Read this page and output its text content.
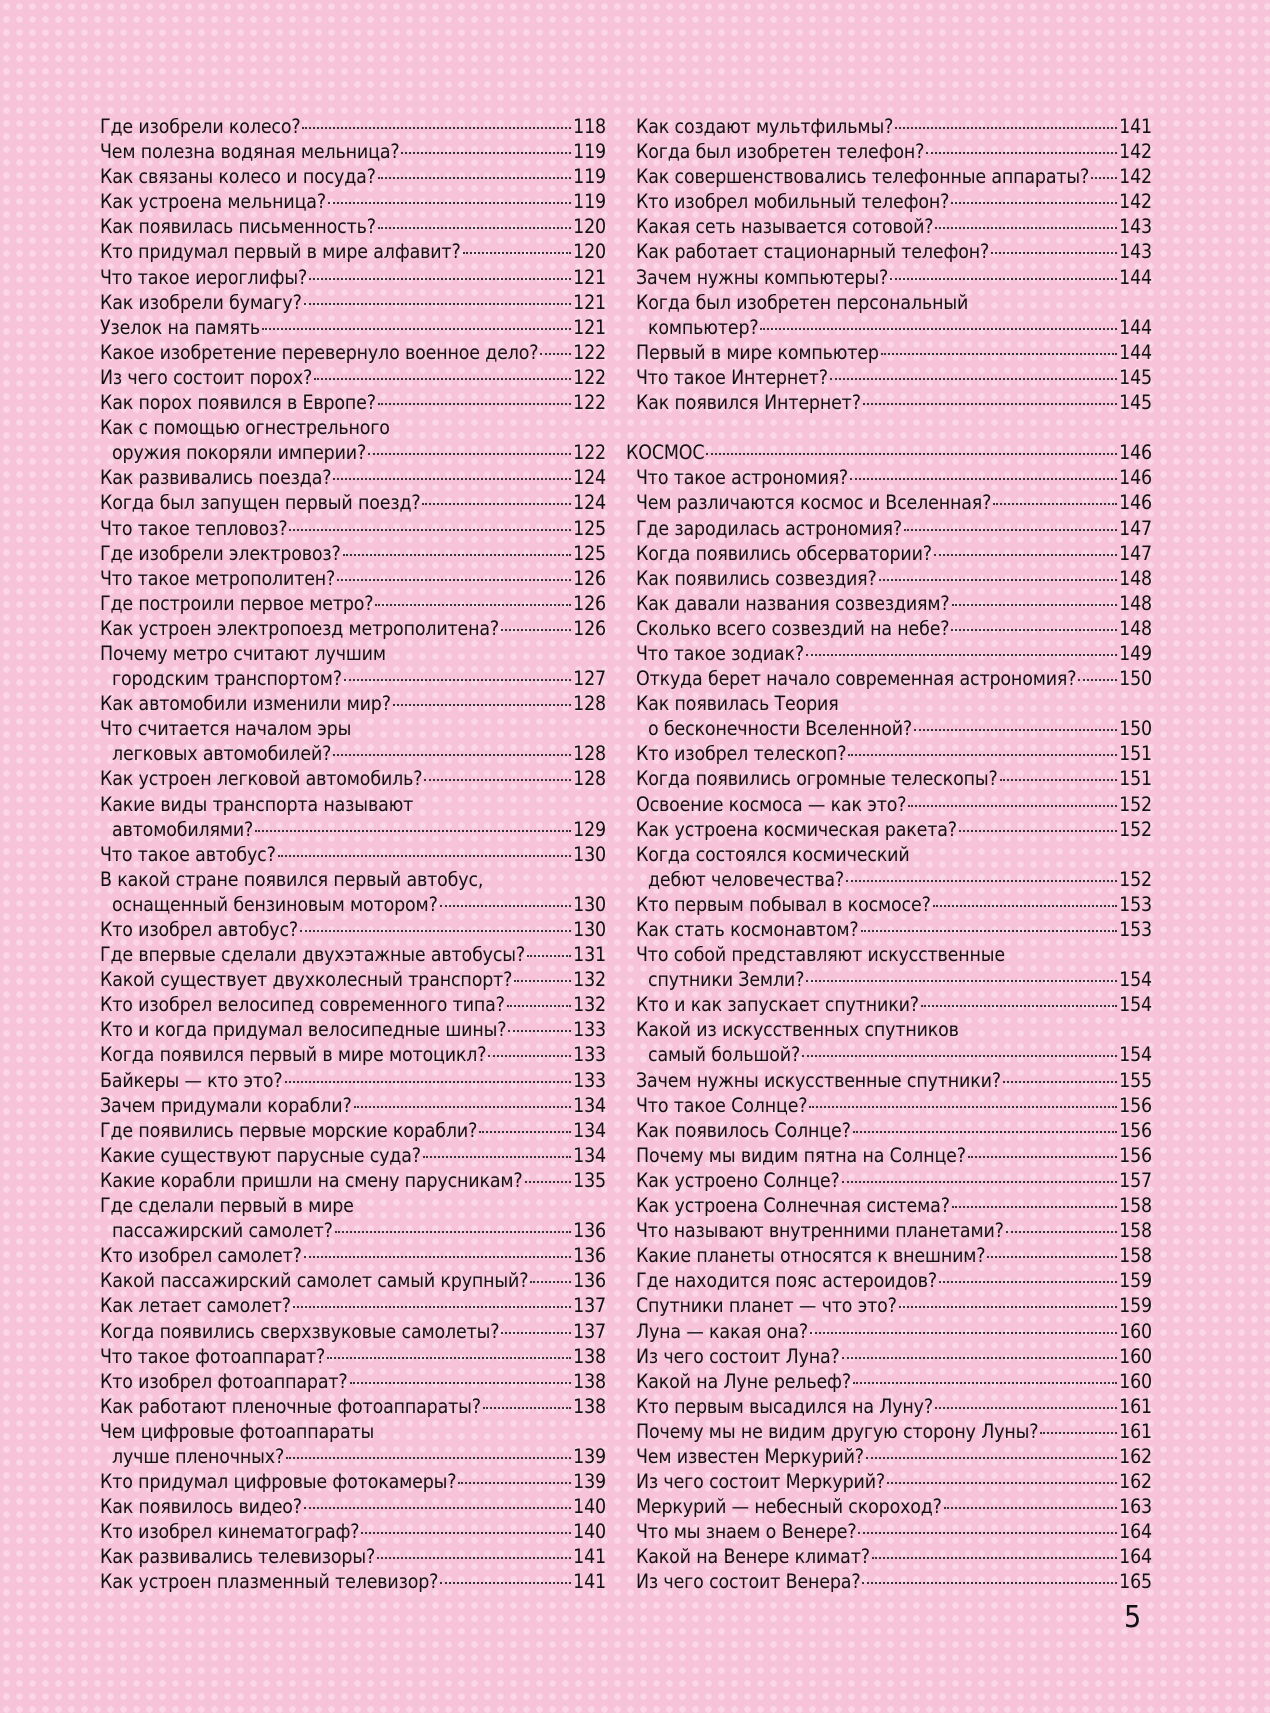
Где изобрели колесо?	118
Чем полезна водяная мельница?	119
Как связаны колесо и посуда?	119
Как устроена мельница?	119
Как появилась письменность?	120
Кто придумал первый в мире алфавит?	120
Что такое иероглифы?	121
Как изобрели бумагу?	121
Узелок на память	121
Какое изобретение перевернуло военное дело? 122
Из чего состоит порох?	122
Как порох появился в Европе?	122
Как с помощью огнестрельного
оружия покоряли империи?	122
Как развивались поезда?	124
Когда был запущен первый поезд?	124
Что такое тепловоз?	125
Где изобрели электровоз?	125
Что такое метрополитен?	126
Где построили первое метро?	126
Как устроен электропоезд метрополитена?	126
Почему метро считают лучшим
городским транспортом?	127
Как автомобили изменили мир?	128
Что считается началом эры
легковых автомобилей?	128
Как устроен легковой автомобиль?	128
Какие виды транспорта называют
автомобилями?	129
Что такое автобус?	130
В какой стране появился первый автобус,
оснащенный бензиновым мотором?	130
Кто изобрел автобус?	130
Где впервые сделали двухэтажные автобусы? 131
Какой существует двухколесный транспорт?	132
Кто изобрел велосипед современного типа?	132
Кто и когда придумал велосипедные шины?	133
Когда появился первый в мире мотоцикл?	133
Байкеры — кто это?	133
Зачем придумали корабли?	134
Где появились первые морские корабли?	134
Какие существуют парусные суда?	134
Какие корабли пришли на смену парусникам?	135
Где сделали первый в мире
пассажирский самолет?	136
Кто изобрел самолет?	136
Какой пассажирский самолет самый крупный? 136
Как летает самолет?	137
Когда появились сверхзвуковые самолеты?	137
Что такое фотоаппарат?	138
Кто изобрел фотоаппарат?	138
Как работают пленочные фотоаппараты?	138
Чем цифровые фотоаппараты
лучше пленочных?	139
Кто придумал цифровые фотокамеры?	139
Как появилось видео?	140
Кто изобрел кинематограф?	140
Как развивались телевизоры?	141
Как устроен плазменный телевизор?	141
Как создают мультфильмы?	141
Когда был изобретен телефон?	142
Как совершенствовались телефонные аппараты? 142
Кто изобрел мобильный телефон?	142
Какая сеть называется сотовой?	143
Как работает стационарный телефон?	143
Зачем нужны компьютеры?	144
Когда был изобретен персональный
компьютер?	144
Первый в мире компьютер	144
Что такое Интернет?	145
Как появился Интернет?	145
КОСМОС	146
Что такое астрономия?	146
Чем различаются космос и Вселенная?	146
Где зародилась астрономия?	147
Когда появились обсерватории?	147
Как появились созвездия?	148
Как давали названия созвездиям?	148
Сколько всего созвездий на небе?	148
Что такое зодиак?	149
Откуда берет начало современная астрономия? 150
Как появилась Теория
о бесконечности Вселенной?	150
Кто изобрел телескоп?	151
Когда появились огромные телескопы?	151
Освоение космоса — как это?	152
Как устроена космическая ракета?	152
Когда состоялся космический
дебют человечества?	152
Кто первым побывал в космосе?	153
Как стать космонавтом?	153
Что собой представляют искусственные
спутники Земли?	154
Кто и как запускает спутники?	154
Какой из искусственных спутников
самый большой?	154
Зачем нужны искусственные спутники?	155
Что такое Солнце?	156
Как появилось Солнце?	156
Почему мы видим пятна на Солнце?	156
Как устроено Солнце?	157
Как устроена Солнечная система?	158
Что называют внутренними планетами?	158
Какие планеты относятся к внешним?	158
Где находится пояс астероидов?	159
Спутники планет — что это?	159
Луна — какая она?	160
Из чего состоит Луна?	160
Какой на Луне рельеф?	160
Кто первым высадился на Луну?	161
Почему мы не видим другую сторону Луны?	161
Чем известен Меркурий?	162
Из чего состоит Меркурий?	162
Меркурий — небесный скороход?	163
Что мы знаем о Венере?	164
Какой на Венере климат?	164
Из чего состоит Венера?	165
5
